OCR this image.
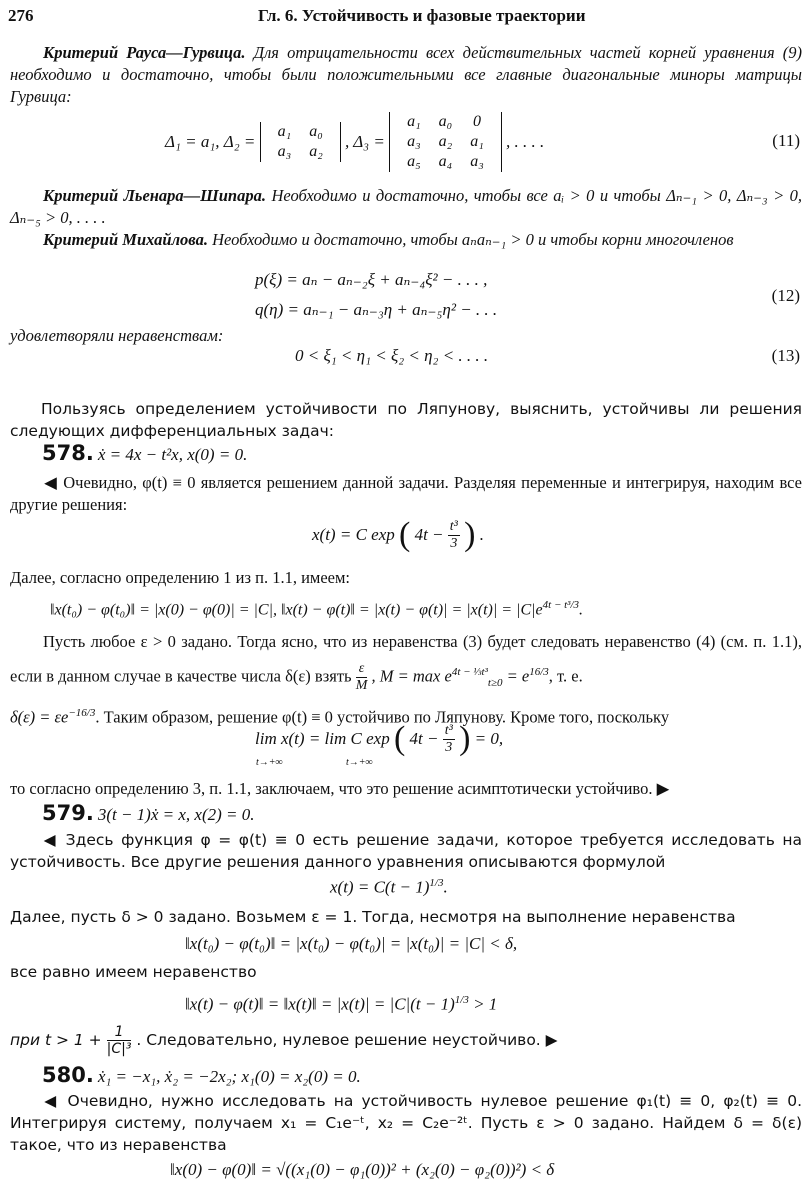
276	Гл. 6. Устойчивость и фазовые траектории
  Критерий Рауса—Гурвица. Для отрицательности всех действительных частей корней уравнения (9) необходимо и достаточно, чтобы были положительными все главные диагональные миноры матрицы Гурвица:
Δ₁ = a₁, Δ₂ =
a₁	a₀
a₃	a₂
, Δ₃ =
a₁	a₀	0
a₃	a₂	a₁
a₅	a₄	a₃
, . . . .	(11)
  Критерий Льенара—Шипара. Необходимо и достаточно, чтобы все aᵢ > 0 и чтобы Δₙ₋₁ > 0, Δₙ₋₃ > 0, Δₙ₋₅ > 0, . . . .
  Критерий Михайлова. Необходимо и достаточно, чтобы aₙaₙ₋₁ > 0 и чтобы корни многочленов
p(ξ) = aₙ − aₙ₋₂ξ + aₙ₋₄ξ² − . . . ,
q(η) = aₙ₋₁ − aₙ₋₃η + aₙ₋₅η² − . . .
(12)
удовлетворяли неравенствам:
0 < ξ₁ < η₁ < ξ₂ < η₂ < . . . .	(13)
  Пользуясь определением устойчивости по Ляпунову, выяснить, устойчивы ли решения следующих дифференциальных задач:
578. ẋ = 4x − t²x, x(0) = 0.
  ◀ Очевидно, φ(t) ≡ 0 является решением данной задачи. Разделяя переменные и интегрируя, находим все другие решения:
x(t) = C exp ( $4t - \frac{\text{t³}}{3}$ ) .
Далее, согласно определению 1 из п. 1.1, имеем:
‖x(t₀) − φ(t₀)‖ = |x(0) − φ(0)| = |C|, ‖x(t) − φ(t)‖ = $|x(t) - \varphi(t)| = |x(t)| = |C|e^{4t - t^3/3}$.
  Пусть любое ε > 0 задано. Тогда ясно, что из неравенства (3) будет следовать неравенство (4) (см. п. 1.1), если в данном случае в качестве числа δ(ε) взять $\frac{\varepsilon}{M}$ , $M = \max e^{4t - \frac{1}{3}t^3}_{t\ge 0} = e^{16/3}$, т. е.
$\delta(\varepsilon) = \varepsilon e^{-16/3}$. Таким образом, решение φ(t) ≡ 0 устойчиво по Ляпунову. Кроме того, поскольку
lim x(t) = lim C exp ( $4t - \frac{\text{t³}}{3}$ ) = 0,
t→+∞	t→+∞
то согласно определению 3, п. 1.1, заключаем, что это решение асимптотически устойчиво. ▶
579. 3(t − 1)ẋ = x, x(2) = 0.
  ◀ Здесь функция φ = φ(t) ≡ 0 есть решение задачи, которое требуется исследовать на устойчивость. Все другие решения данного уравнения описываются формулой
$x(t) = C(t - 1)^{1/3}$.
Далее, пусть δ > 0 задано. Возьмем ε = 1. Тогда, несмотря на выполнение неравенства
‖x(t₀) − φ(t₀)‖ = |x(t₀) − φ(t₀)| = |x(t₀)| = |C| < δ,
все равно имеем неравенство
‖x(t) − φ(t)‖ = ‖x(t)‖ = $|x(t)| = |C|(t - 1)^{1/3} > 1$
при $t > 1 + \frac{1}{\text{|C|³}}$ . Следовательно, нулевое решение неустойчиво. ▶
580. ẋ₁ = −x₁, ẋ₂ = −2x₂; x₁(0) = x₂(0) = 0.
  ◀ Очевидно, нужно исследовать на устойчивость нулевое решение φ₁(t) ≡ 0, φ₂(t) ≡ 0. Интегрируя систему, получаем x₁ = C₁e⁻ᵗ, x₂ = C₂e⁻²ᵗ. Пусть ε > 0 задано. Найдем δ = δ(ε) такое, что из неравенства
‖x(0) − φ(0)‖ = √((x₁(0) − φ₁(0))² + (x₂(0) − φ₂(0))²) < δ
